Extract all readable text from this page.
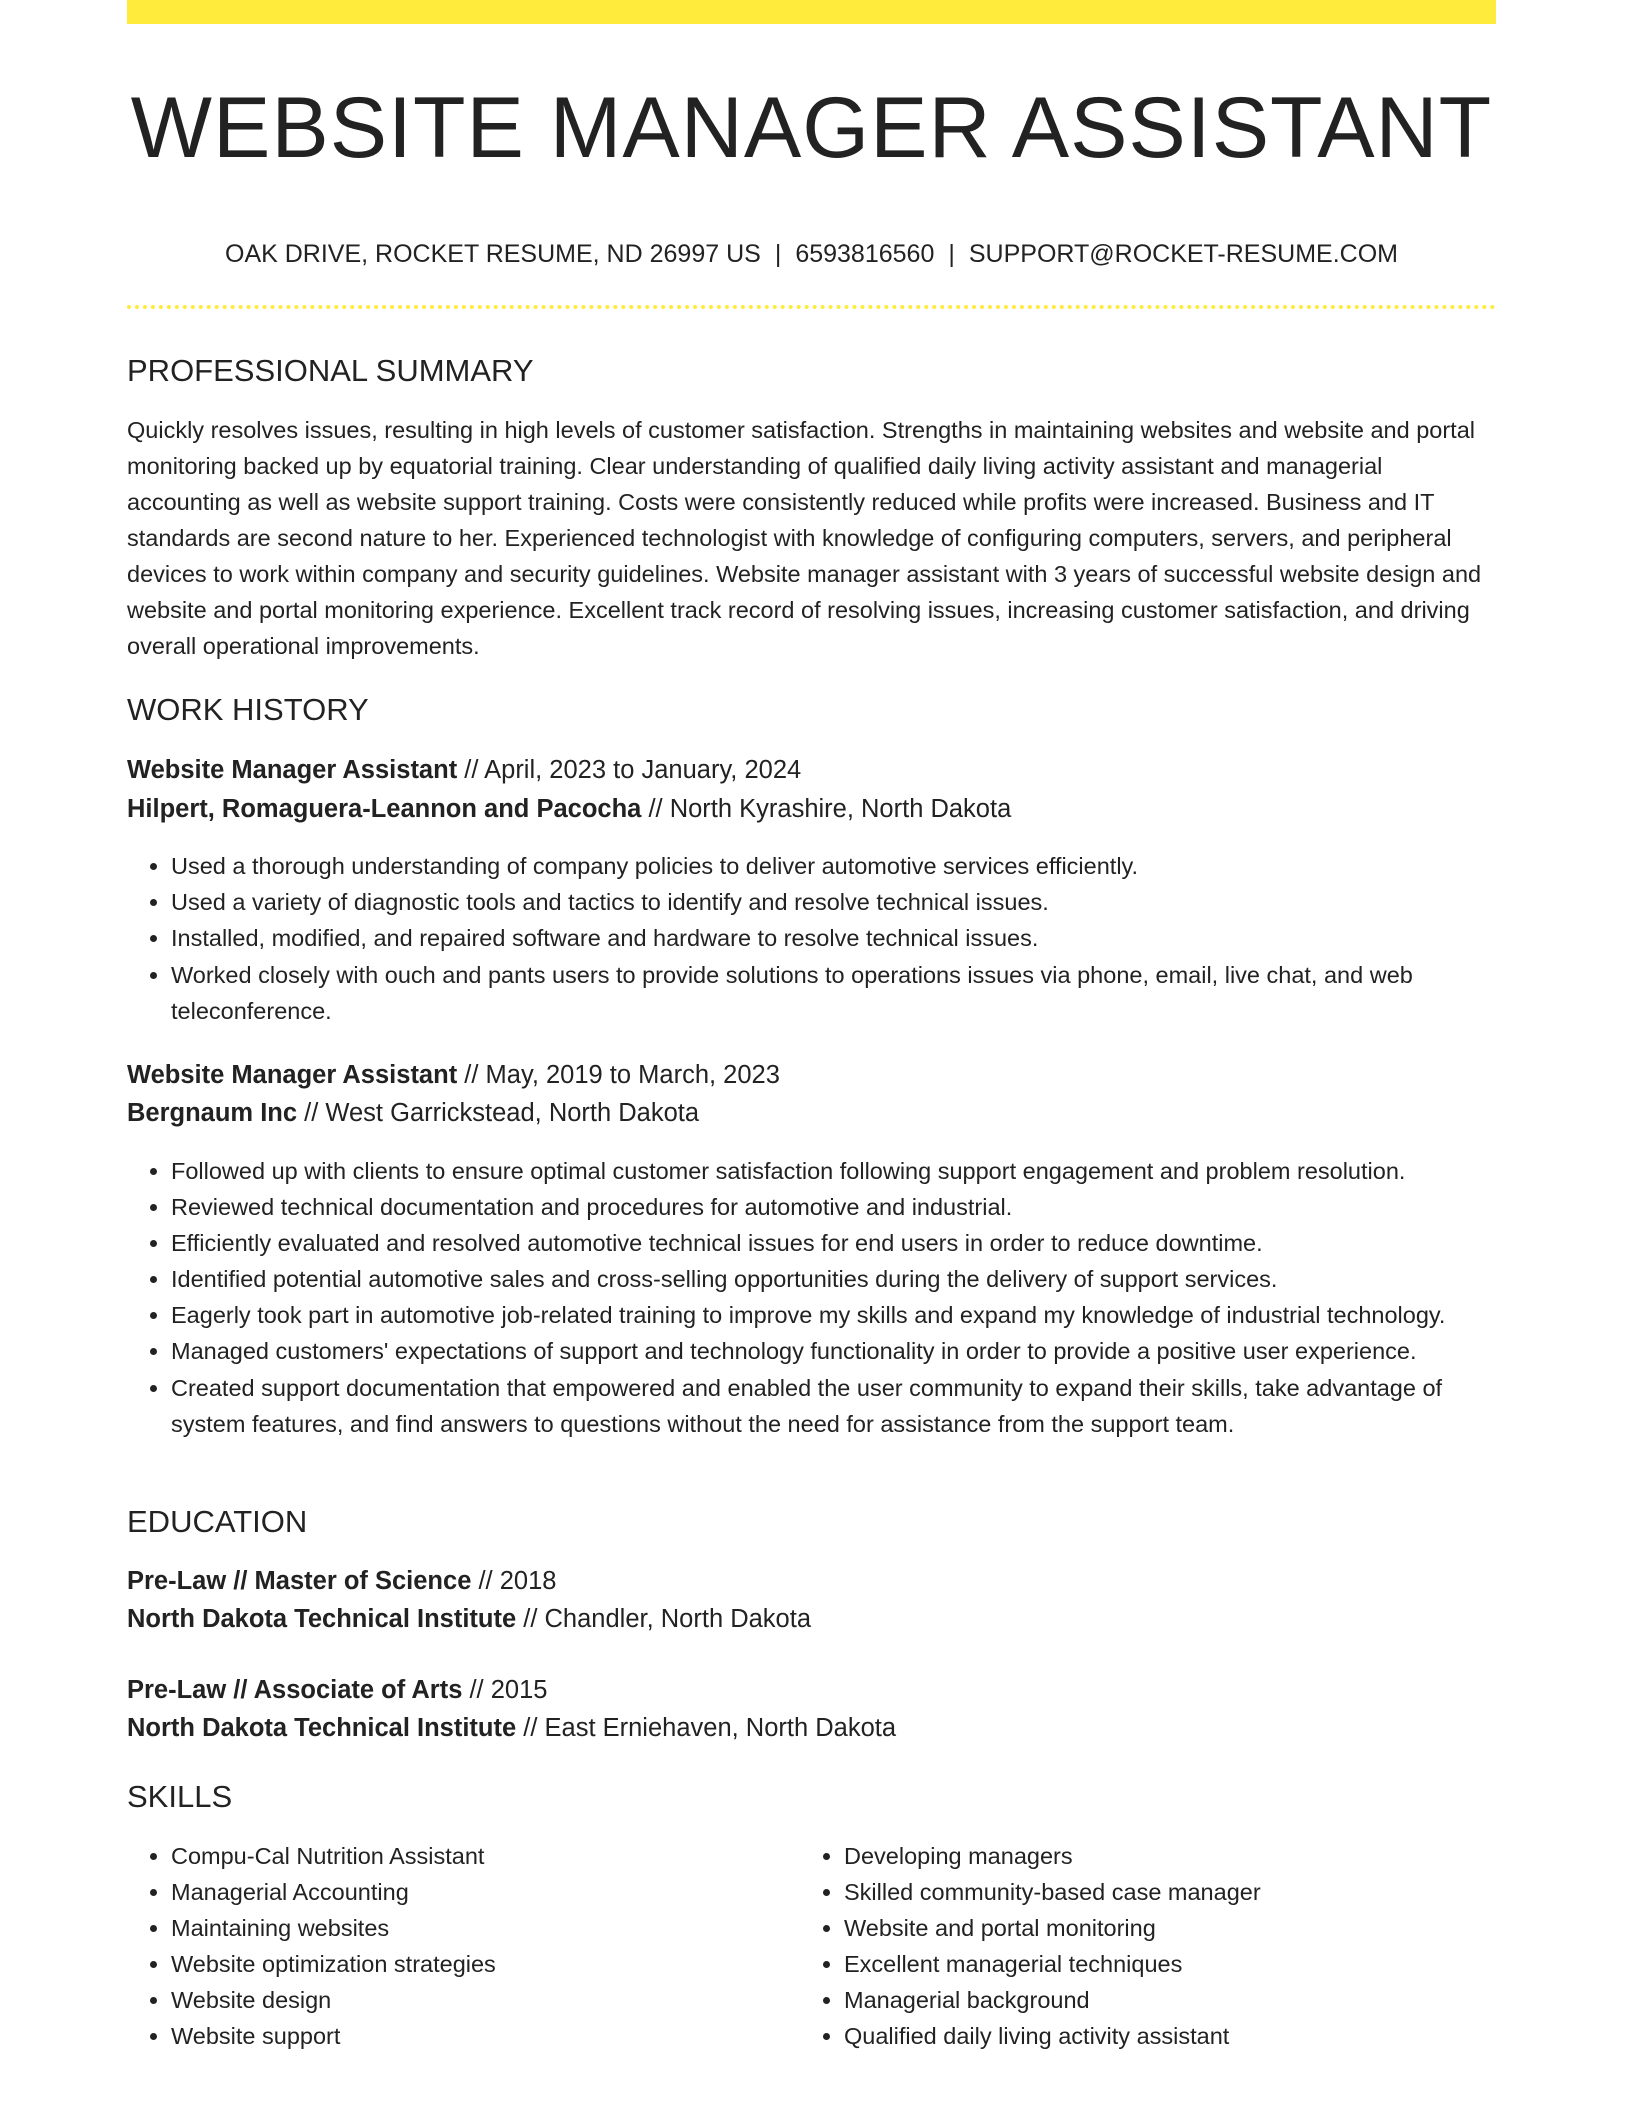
WEBSITE MANAGER ASSISTANT
OAK DRIVE, ROCKET RESUME, ND 26997 US | 6593816560 | SUPPORT@ROCKET-RESUME.COM
PROFESSIONAL SUMMARY

Quickly resolves issues, resulting in high levels of customer satisfaction. Strengths in maintaining websites and website and portal monitoring backed up by equatorial training. Clear understanding of qualified daily living activity assistant and managerial accounting as well as website support training. Costs were consistently reduced while profits were increased. Business and IT standards are second nature to her. Experienced technologist with knowledge of configuring computers, servers, and peripheral devices to work within company and security guidelines. Website manager assistant with 3 years of successful website design and website and portal monitoring experience. Excellent track record of resolving issues, increasing customer satisfaction, and driving overall operational improvements.

WORK HISTORY
Website Manager Assistant // April, 2023 to January, 2024
Hilpert, Romaguera-Leannon and Pacocha // North Kyrashire, North Dakota
• Used a thorough understanding of company policies to deliver automotive services efficiently.
• Used a variety of diagnostic tools and tactics to identify and resolve technical issues.
• Installed, modified, and repaired software and hardware to resolve technical issues.
• Worked closely with ouch and pants users to provide solutions to operations issues via phone, email, live chat, and web teleconference.
Website Manager Assistant // May, 2019 to March, 2023
Bergnaum Inc // West Garrickstead, North Dakota
• Followed up with clients to ensure optimal customer satisfaction following support engagement and problem resolution.
• Reviewed technical documentation and procedures for automotive and industrial.
• Efficiently evaluated and resolved automotive technical issues for end users in order to reduce downtime.
• Identified potential automotive sales and cross-selling opportunities during the delivery of support services.
• Eagerly took part in automotive job-related training to improve my skills and expand my knowledge of industrial technology.
• Managed customers' expectations of support and technology functionality in order to provide a positive user experience.
• Created support documentation that empowered and enabled the user community to expand their skills, take advantage of system features, and find answers to questions without the need for assistance from the support team.
EDUCATION
Pre-Law // Master of Science // 2018
North Dakota Technical Institute // Chandler, North Dakota
Pre-Law // Associate of Arts // 2015
North Dakota Technical Institute // East Erniehaven, North Dakota
SKILLS
• Compu-Cal Nutrition Assistant
• Managerial Accounting
• Maintaining websites
• Website optimization strategies
• Website design
• Website support
• Developing managers
• Skilled community-based case manager
• Website and portal monitoring
• Excellent managerial techniques
• Managerial background
• Qualified daily living activity assistant
